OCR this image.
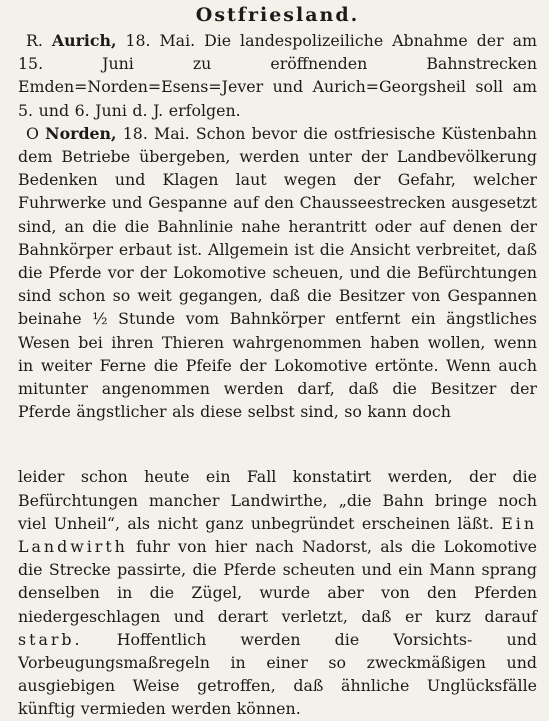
Ostfriesland.

R. Aurich, 18. Mai. Die landespolizeiliche Abnahme der am 15. Juni zu eröffnenden Bahnstrecken Emden=Norden=Esens=Jever und Aurich=Georgsheil soll am 5. und 6. Juni d. J. erfolgen.

O Norden, 18. Mai. Schon bevor die ostfriesische Küstenbahn dem Betriebe übergeben, werden unter der Landbevölkerung Bedenken und Klagen laut wegen der Gefahr, welcher Fuhrwerke und Gespanne auf den Chausseestrecken ausgesetzt sind, an die die Bahnlinie nahe herantritt oder auf denen der Bahnkörper erbaut ist. Allgemein ist die Ansicht verbreitet, daß die Pferde vor der Lokomotive scheuen, und die Befürchtungen sind schon so weit gegangen, daß die Besitzer von Gespannen beinahe ½ Stunde vom Bahnkörper entfernt ein ängstliches Wesen bei ihren Thieren wahrgenommen haben wollen, wenn in weiter Ferne die Pfeife der Lokomotive ertönte. Wenn auch mitunter angenommen werden darf, daß die Besitzer der Pferde ängstlicher als diese selbst sind, so kann doch

leider schon heute ein Fall konstatirt werden, der die Befürchtungen mancher Landwirthe, „die Bahn bringe noch viel Unheil“, als nicht ganz unbegründet erscheinen läßt. Ein Landwirth fuhr von hier nach Nadorst, als die Lokomotive die Strecke passirte, die Pferde scheuten und ein Mann sprang denselben in die Zügel, wurde aber von den Pferden niedergeschlagen und derart verletzt, daß er kurz darauf starb. Hoffentlich werden die Vorsichts- und Vorbeugungsmaßregeln in einer so zweckmäßigen und ausgiebigen Weise getroffen, daß ähnliche Unglücksfälle künftig vermieden werden können.
